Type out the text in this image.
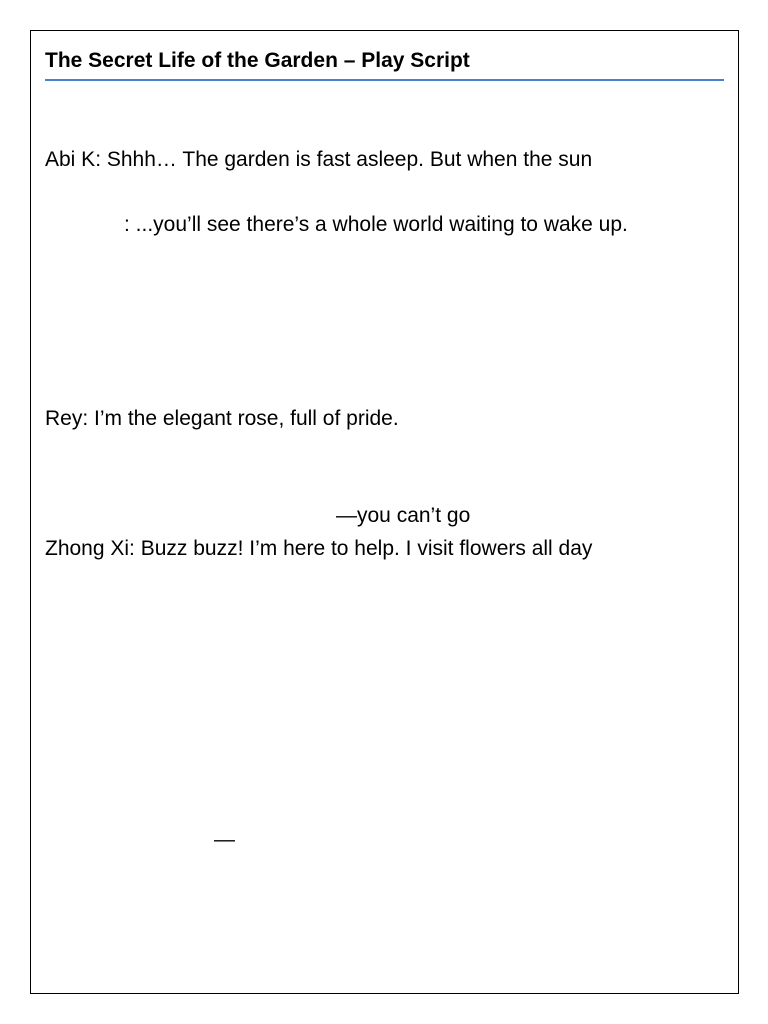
The Secret Life of the Garden – Play Script
Abi K: Shhh… The garden is fast asleep. But when the sun
: ...you’ll see there’s a whole world waiting to wake up.
Rey: I’m the elegant rose, full of pride.
—you can’t go
Zhong Xi: Buzz buzz! I’m here to help. I visit flowers all day
—
